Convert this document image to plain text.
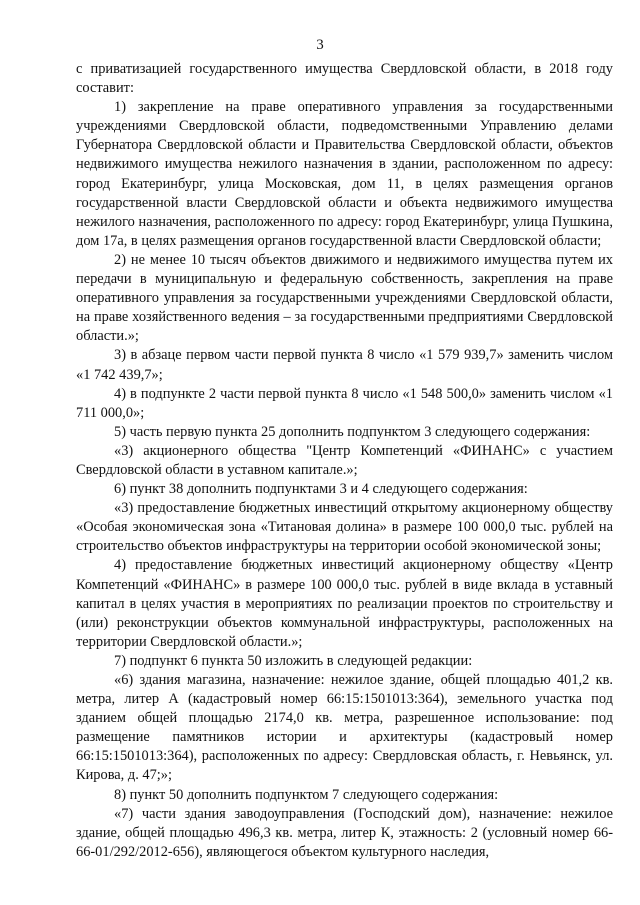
3

с приватизацией государственного имущества Свердловской области, в 2018 году составит:

1) закрепление на праве оперативного управления за государственными учреждениями Свердловской области, подведомственными Управлению делами Губернатора Свердловской области и Правительства Свердловской области, объектов недвижимого имущества нежилого назначения в здании, расположенном по адресу: город Екатеринбург, улица Московская, дом 11, в целях размещения органов государственной власти Свердловской области и объекта недвижимого имущества нежилого назначения, расположенного по адресу: город Екатеринбург, улица Пушкина, дом 17а, в целях размещения органов государственной власти Свердловской области;

2) не менее 10 тысяч объектов движимого и недвижимого имущества путем их передачи в муниципальную и федеральную собственность, закрепления на праве оперативного управления за государственными учреждениями Свердловской области, на праве хозяйственного ведения – за государственными предприятиями Свердловской области.»;

3) в абзаце первом части первой пункта 8 число «1 579 939,7» заменить числом «1 742 439,7»;

4) в подпункте 2 части первой пункта 8 число «1 548 500,0» заменить числом «1 711 000,0»;

5) часть первую пункта 25 дополнить подпунктом 3 следующего содержания:

«3) акционерного общества "Центр Компетенций «ФИНАНС» с участием Свердловской области в уставном капитале.»;

6) пункт 38 дополнить подпунктами 3 и 4 следующего содержания:

«3) предоставление бюджетных инвестиций открытому акционерному обществу «Особая экономическая зона «Титановая долина» в размере 100 000,0 тыс. рублей на строительство объектов инфраструктуры на территории особой экономической зоны;

4) предоставление бюджетных инвестиций акционерному обществу «Центр Компетенций «ФИНАНС» в размере 100 000,0 тыс. рублей в виде вклада в уставный капитал в целях участия в мероприятиях по реализации проектов по строительству и (или) реконструкции объектов коммунальной инфраструктуры, расположенных на территории Свердловской области.»;

7) подпункт 6 пункта 50 изложить в следующей редакции:

«6) здания магазина, назначение: нежилое здание, общей площадью 401,2 кв. метра, литер А (кадастровый номер 66:15:1501013:364), земельного участка под зданием общей площадью 2174,0 кв. метра, разрешенное использование: под размещение памятников истории и архитектуры (кадастровый номер 66:15:1501013:364), расположенных по адресу: Свердловская область, г. Невьянск, ул. Кирова, д. 47;»;

8) пункт 50 дополнить подпунктом 7 следующего содержания:

«7) части здания заводоуправления (Господский дом), назначение: нежилое здание, общей площадью 496,3 кв. метра, литер К, этажность: 2 (условный номер 66-66-01/292/2012-656), являющегося объектом культурного наследия,
